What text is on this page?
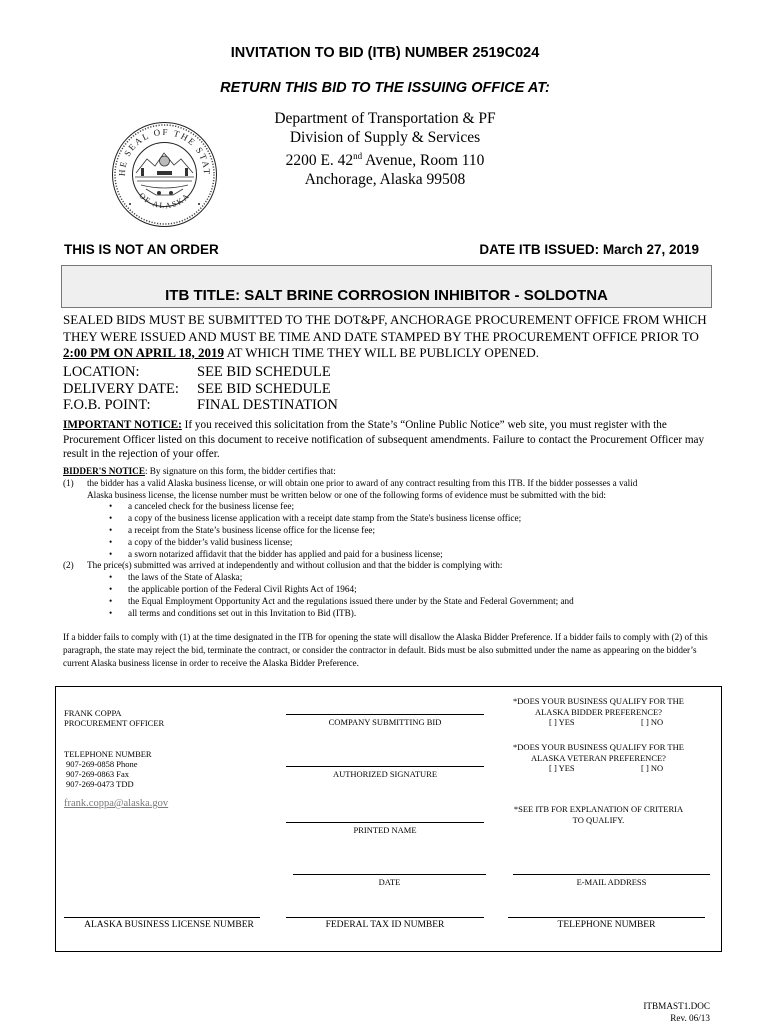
INVITATION TO BID (ITB) NUMBER 2519C024
RETURN THIS BID TO THE ISSUING OFFICE AT:
HE SEAL OF THE STAT
OF ALASKA
Department of Transportation & PF
Division of Supply & Services
2200 E. 42nd Avenue, Room 110
Anchorage, Alaska 99508
THIS IS NOT AN ORDER	DATE ITB ISSUED: March 27, 2019
ITB TITLE: SALT BRINE CORROSION INHIBITOR - SOLDOTNA
SEALED BIDS MUST BE SUBMITTED TO THE DOT&PF, ANCHORAGE PROCUREMENT OFFICE FROM WHICH THEY WERE ISSUED AND MUST BE TIME AND DATE STAMPED BY THE PROCUREMENT OFFICE PRIOR TO 2:00 PM ON APRIL 18, 2019 AT WHICH TIME THEY WILL BE PUBLICLY OPENED.
LOCATION:	SEE BID SCHEDULE
DELIVERY DATE: SEE BID SCHEDULE
F.O.B. POINT:	FINAL DESTINATION
IMPORTANT NOTICE: If you received this solicitation from the State’s “Online Public Notice” web site, you must register with the Procurement Officer listed on this document to receive notification of subsequent amendments. Failure to contact the Procurement Officer may result in the rejection of your offer.
BIDDER'S NOTICE: By signature on this form, the bidder certifies that:
(1) the bidder has a valid Alaska business license, or will obtain one prior to award of any contract resulting from this ITB. If the bidder possesses a valid
Alaska business license, the license number must be written below or one of the following forms of evidence must be submitted with the bid:
• a canceled check for the business license fee;
• a copy of the business license application with a receipt date stamp from the State's business license office;
• a receipt from the State’s business license office for the license fee;
• a copy of the bidder’s valid business license;
• a sworn notarized affidavit that the bidder has applied and paid for a business license;
(2) The price(s) submitted was arrived at independently and without collusion and that the bidder is complying with:
• the laws of the State of Alaska;
• the applicable portion of the Federal Civil Rights Act of 1964;
• the Equal Employment Opportunity Act and the regulations issued there under by the State and Federal Government; and
• all terms and conditions set out in this Invitation to Bid (ITB).
If a bidder fails to comply with (1) at the time designated in the ITB for opening the state will disallow the Alaska Bidder Preference. If a bidder fails to comply with (2) of this paragraph, the state may reject the bid, terminate the contract, or consider the contractor in default. Bids must be also submitted under the name as appearing on the bidder’s current Alaska business license in order to receive the Alaska Bidder Preference.
FRANK COPPA
PROCUREMENT OFFICER
TELEPHONE NUMBER
907-269-0858 Phone
907-269-0863 Fax
907-269-0473 TDD
frank.coppa@alaska.gov
COMPANY SUBMITTING BID
AUTHORIZED SIGNATURE
PRINTED NAME
DATE	E-MAIL ADDRESS
*DOES YOUR BUSINESS QUALIFY FOR THE
ALASKA BIDDER PREFERENCE?
[ ] YES	[ ] NO
*DOES YOUR BUSINESS QUALIFY FOR THE
ALASKA VETERAN PREFERENCE?
[ ] YES	[ ] NO
*SEE ITB FOR EXPLANATION OF CRITERIA
TO QUALIFY.
ALASKA BUSINESS LICENSE NUMBER	FEDERAL TAX ID NUMBER	TELEPHONE NUMBER
ITBMAST1.DOC
Rev. 06/13
